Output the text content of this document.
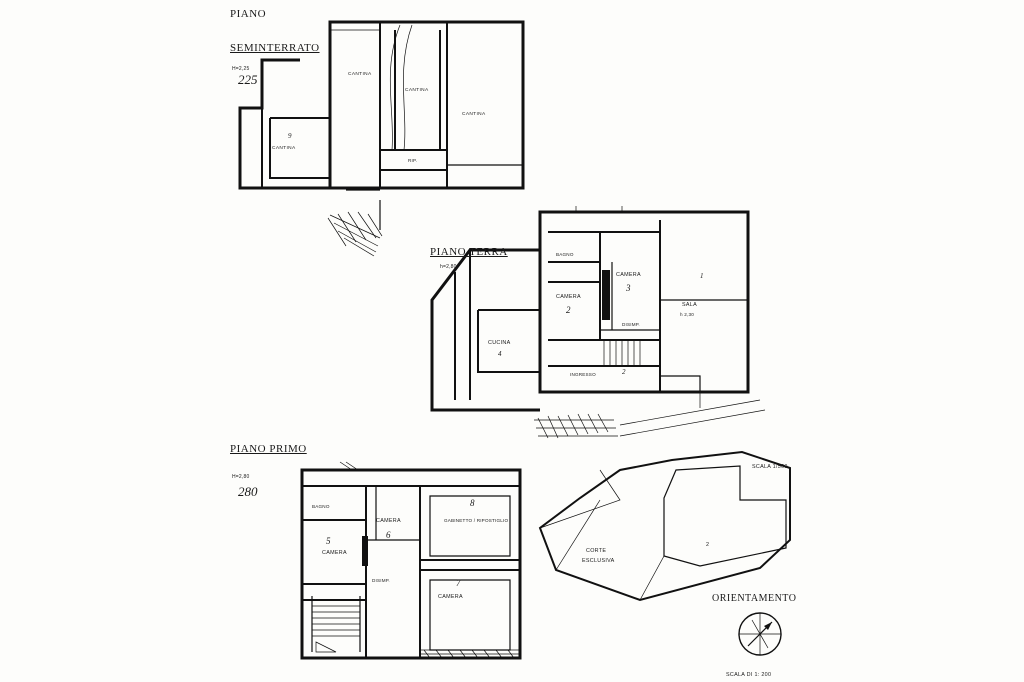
PIANO
SEMINTERRATO
H=2,25
225	CANTINA
CANTINA
CANTINA
CANTINA
RIP.
9
PIANO TERRA
h=2,80
BAGNO
CAMERA
3
CAMERA
2	SALA
h 2,30
1
CUCINA
4
DISIMP.
INGRESSO	2
PIANO PRIMO
H=2,80
280
BAGNO
CAMERA
6
CAMERA
5
CAMERA
7
GABINETTO / RIPOSTIGLIO
8
DISIMP.
SCALA 1/500
CORTE
ESCLUSIVA
2
ORIENTAMENTO
SCALA DI 1: 200
